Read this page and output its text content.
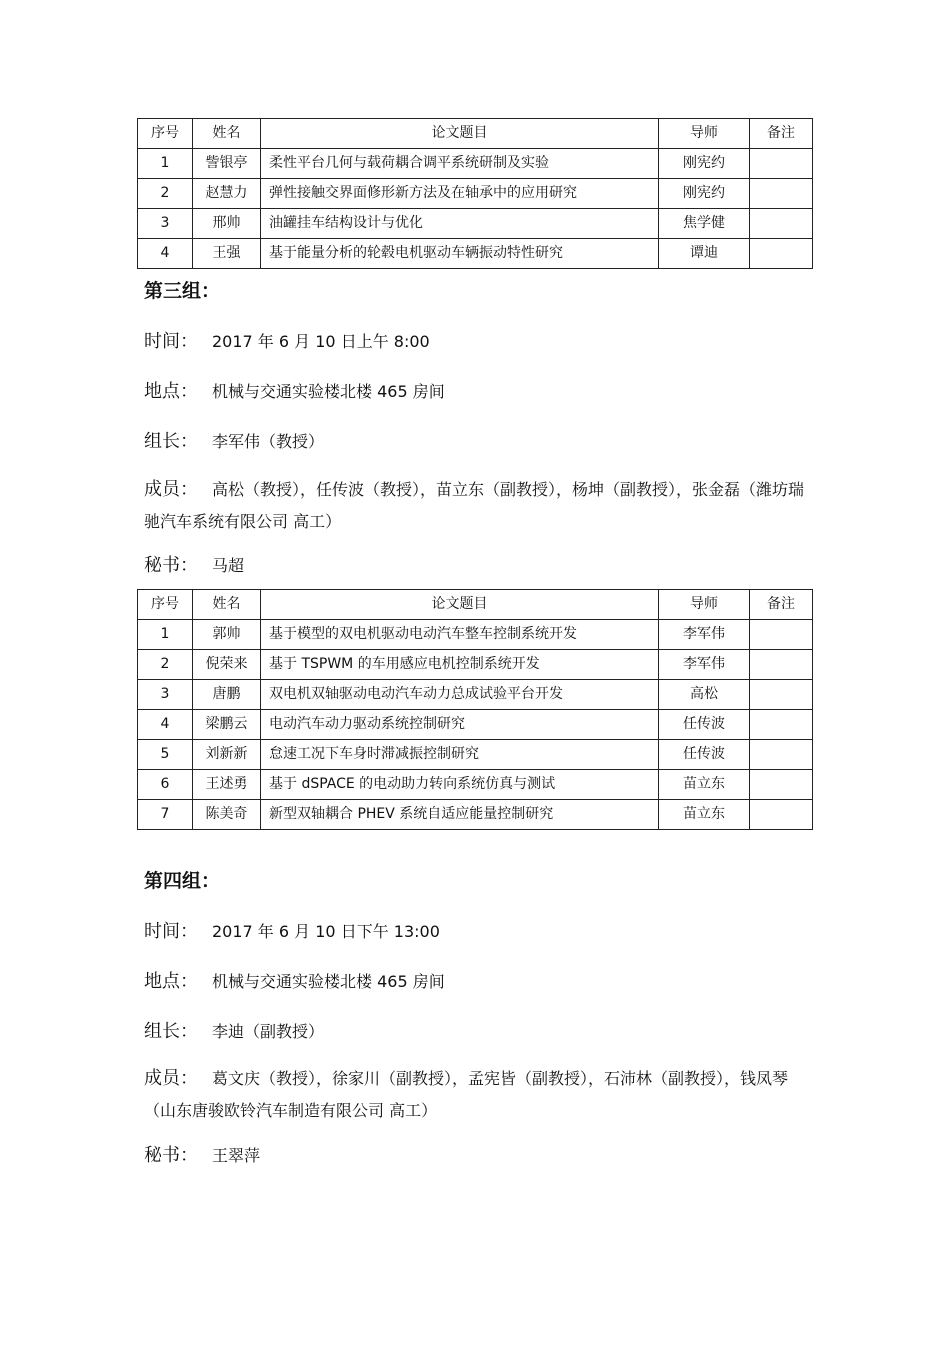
序号	姓名	论文题目	导师	备注
1	訾银亭	柔性平台几何与载荷耦合调平系统研制及实验	刚宪约	
2	赵慧力	弹性接触交界面修形新方法及在轴承中的应用研究	刚宪约	
3	邢帅	油罐挂车结构设计与优化	焦学健	
4	王强	基于能量分析的轮毂电机驱动车辆振动特性研究	谭迪	
第三组：
时间： 2017 年 6 月 10 日上午 8:00
地点： 机械与交通实验楼北楼 465 房间
组长： 李军伟（教授）
成员： 高松（教授），任传波（教授），苗立东（副教授），杨坤（副教授），张金磊（潍坊瑞驰汽车系统有限公司 高工）
秘书： 马超
序号	姓名	论文题目	导师	备注
1	郭帅	基于模型的双电机驱动电动汽车整车控制系统开发	李军伟	
2	倪荣来	基于 TSPWM 的车用感应电机控制系统开发	李军伟	
3	唐鹏	双电机双轴驱动电动汽车动力总成试验平台开发	高松	
4	梁鹏云	电动汽车动力驱动系统控制研究	任传波	
5	刘新新	怠速工况下车身时滞减振控制研究	任传波	
6	王述勇	基于 dSPACE 的电动助力转向系统仿真与测试	苗立东	
7	陈美奇	新型双轴耦合 PHEV 系统自适应能量控制研究	苗立东	
第四组：
时间： 2017 年 6 月 10 日下午 13:00
地点： 机械与交通实验楼北楼 465 房间
组长： 李迪（副教授）
成员： 葛文庆（教授），徐家川（副教授），孟宪皆（副教授），石沛林（副教授），钱凤琴（山东唐骏欧铃汽车制造有限公司 高工）
秘书： 王翠萍
